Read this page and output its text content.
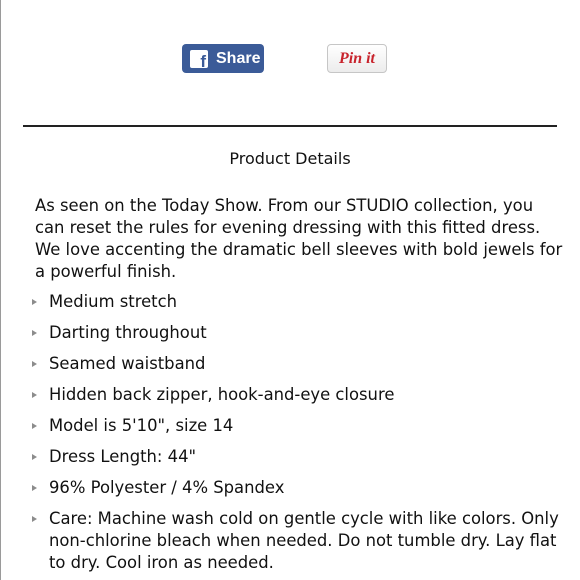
f Share	Pin it
Product Details
As seen on the Today Show. From our STUDIO collection, you can reset the rules for evening dressing with this fitted dress. We love accenting the dramatic bell sleeves with bold jewels for a powerful finish.
Medium stretch
Darting throughout
Seamed waistband
Hidden back zipper, hook-and-eye closure
Model is 5'10", size 14
Dress Length: 44"
96% Polyester / 4% Spandex
Care: Machine wash cold on gentle cycle with like colors. Only non-chlorine bleach when needed. Do not tumble dry. Lay flat to dry. Cool iron as needed.
